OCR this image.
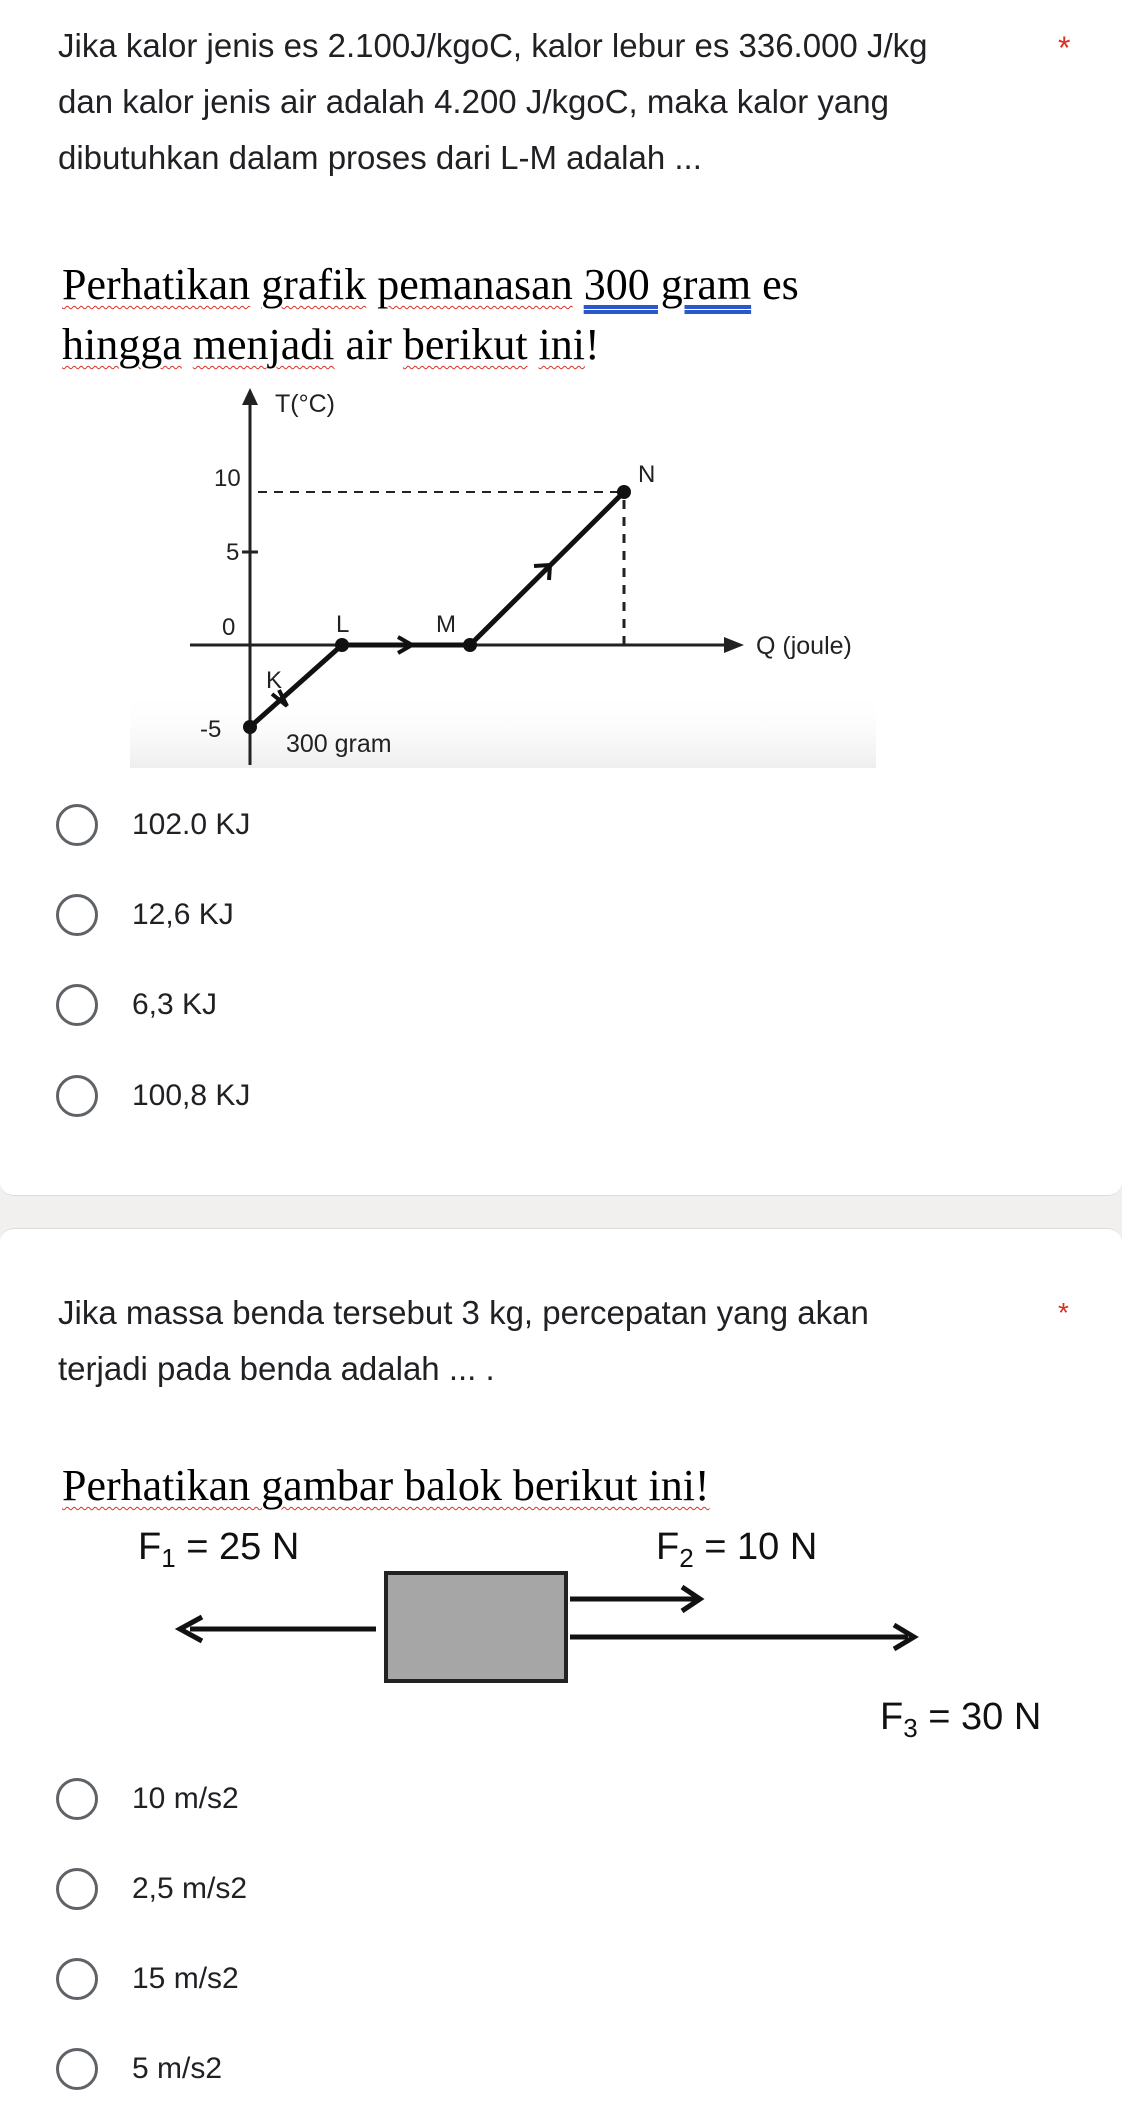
Jika kalor jenis es 2.100J/kgoC, kalor lebur es 336.000 J/kg
dan kalor jenis air adalah 4.200 J/kgoC, maka kalor yang
dibutuhkan dalam proses dari L-M adalah ...
*
Perhatikan grafik pemanasan 300 gram es
hingga menjadi air berikut ini!
T(°C)
Q (joule)
10
5
0
-5
K
L	M
N
300 gram
102.0 KJ
12,6 KJ
6,3 KJ
100,8 KJ
Jika massa benda tersebut 3 kg, percepatan yang akan
terjadi pada benda adalah ... .
*
Perhatikan gambar balok berikut ini!
$F_1 = 25$ N	$F_2 = 10$ N
$F_3 = 30$ N
10 m/s2
2,5 m/s2
15 m/s2
5 m/s2
